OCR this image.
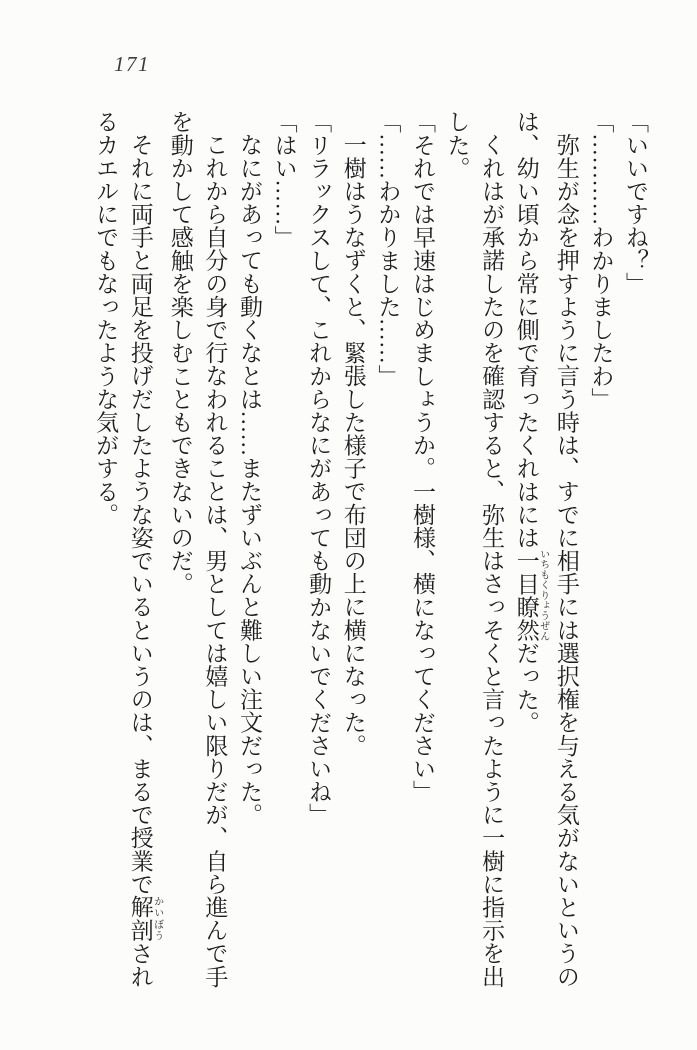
171

「いいですね？」

「…………わかりましたわ」

弥生が念を押すように言う時は、すでに相手には選択権を与える気がないというの

は、幼い頃から常に側で育ったくれはには一目瞭然 いちもくりょうぜんだった。

くれはが承諾したのを確認すると、弥生はさっそくと言ったように一樹に指示を出

した。

「それでは早速はじめましょうか。一樹様、横になってください」

「……わかりました……」

一樹はうなずくと、緊張した様子で布団の上に横になった。

「リラックスして、これからなにがあっても動かないでくださいね」

「はい……」

なにがあっても動くなとは……またずいぶんと難しい注文だった。

これから自分の身で行なわれることは、男としては嬉しい限りだが、自ら進んで手

を動かして感触を楽しむこともできないのだ。

それに両手と両足を投げだしたような姿でいるというのは、まるで授業で解剖 かいぼうされ

るカエルにでもなったような気がする。
